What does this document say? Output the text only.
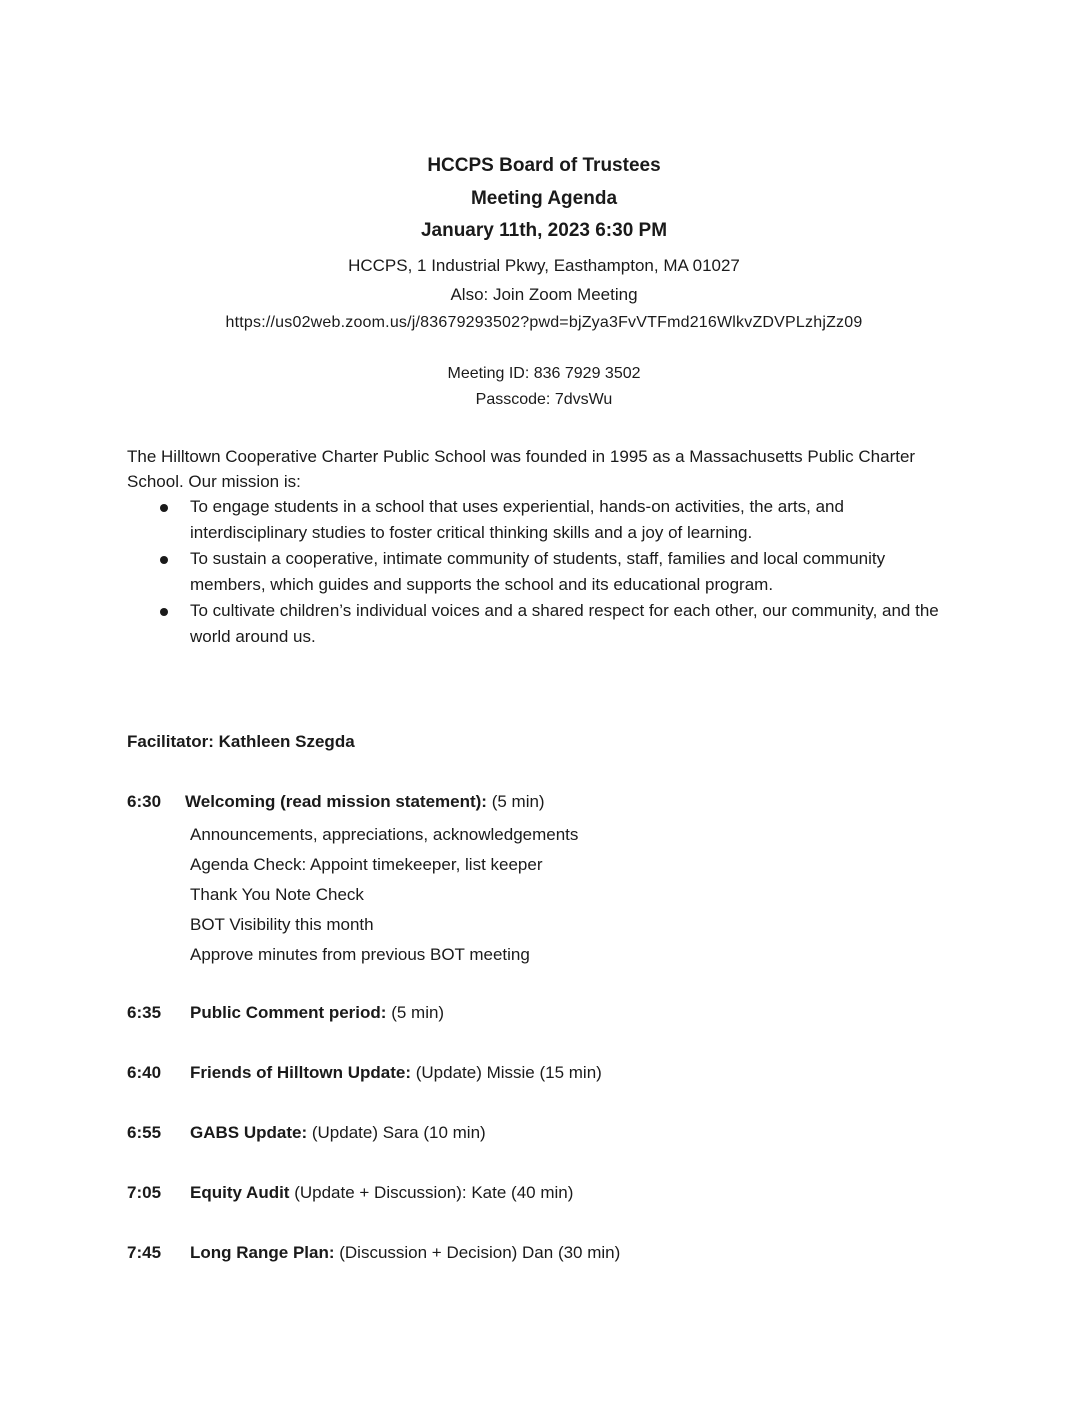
HCCPS Board of Trustees
Meeting Agenda
January 11th, 2023 6:30 PM
HCCPS, 1 Industrial Pkwy, Easthampton, MA 01027
Also: Join Zoom Meeting
https://us02web.zoom.us/j/83679293502?pwd=bjZya3FvVTFmd216WlkvZDVPLzhjZz09
Meeting ID: 836 7929 3502
Passcode: 7dvsWu
The Hilltown Cooperative Charter Public School was founded in 1995 as a Massachusetts Public Charter School. Our mission is:
To engage students in a school that uses experiential, hands-on activities, the arts, and interdisciplinary studies to foster critical thinking skills and a joy of learning.
To sustain a cooperative, intimate community of students, staff, families and local community members, which guides and supports the school and its educational program.
To cultivate children’s individual voices and a shared respect for each other, our community, and the world around us.
Facilitator: Kathleen Szegda
6:30 Welcoming (read mission statement): (5 min)
Announcements, appreciations, acknowledgements
Agenda Check: Appoint timekeeper, list keeper
Thank You Note Check
BOT Visibility this month
Approve minutes from previous BOT meeting
6:35 Public Comment period: (5 min)
6:40 Friends of Hilltown Update: (Update) Missie (15 min)
6:55 GABS Update: (Update) Sara (10 min)
7:05 Equity Audit (Update + Discussion): Kate (40 min)
7:45 Long Range Plan: (Discussion + Decision) Dan (30 min)
